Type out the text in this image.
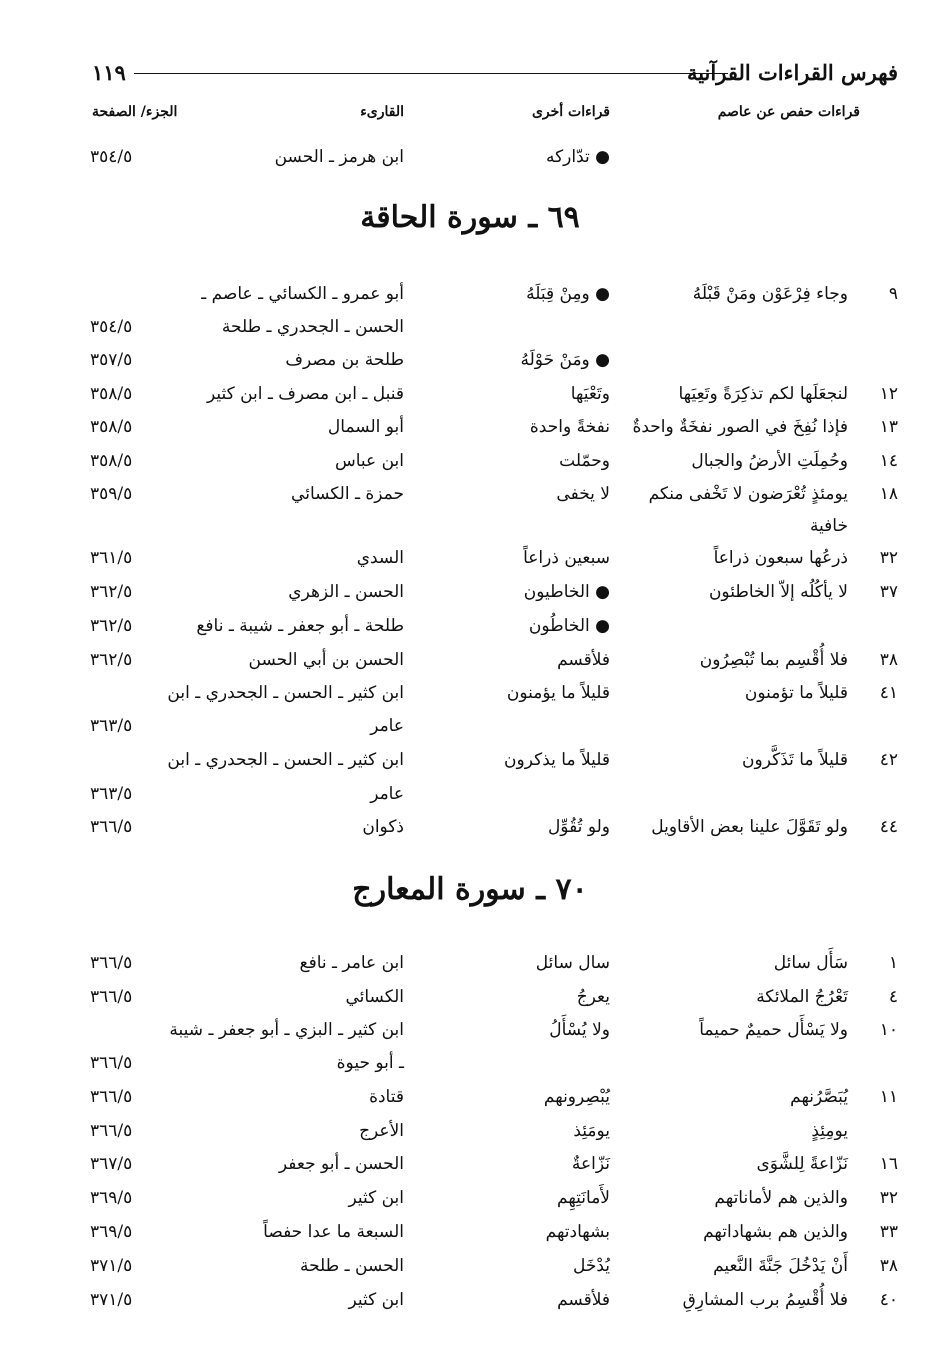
١١٩	فهرس القراءات القرآنية
قراءات حفص عن عاصم
قراءات أخرى
القارىء
الجزء/ الصفحة
● تدّاركه
ابن هرمز ـ الحسن
٣٥٤/٥
٦٩ ـ سورة الحاقة
٩
وجاء فِرْعَوْن ومَنْ قَبْلَهُ
● ومِنْ قِبَلَهُ
أبو عمرو ـ الكسائي ـ عاصم ـ
الحسن ـ الجحدري ـ طلحة
٣٥٤/٥
● ومَنْ حَوْلَهُ
طلحة بن مصرف
٣٥٧/٥
١٢
لنجعَلَها لكم تذكِرَةً وتَعِيَها
وتَعْيَها
قنبل ـ ابن مصرف ـ ابن كثير
٣٥٨/٥
١٣
فإذا نُفِخَ في الصور نفخَةٌ واحدةٌ
نفخةً واحدة
أبو السمال
٣٥٨/٥
١٤
وحُمِلَتِ الأرضُ والجبال
وحمّلت
ابن عباس
٣٥٨/٥
١٨
يومئذٍ تُعْرَضون لا تَخْفى منكم
لا يخفى
حمزة ـ الكسائي
٣٥٩/٥
خافية
٣٢
ذرعُها سبعون ذراعاً
سبعين ذراعاً
السدي
٣٦١/٥
٣٧
لا يأكُلُه إلاّ الخاطئون
● الخاطيون
الحسن ـ الزهري
٣٦٢/٥
● الخاطُون
طلحة ـ أبو جعفر ـ شيبة ـ نافع
٣٦٢/٥
٣٨
فلا أُقْسِم بما تُبْصِرُون
فلأقسم
الحسن بن أبي الحسن
٣٦٢/٥
٤١
قليلاً ما تؤمنون
قليلاً ما يؤمنون
ابن كثير ـ الحسن ـ الجحدري ـ ابن
عامر
٣٦٣/٥
٤٢
قليلاً ما تَذَكَّرون
قليلاً ما يذكرون
ابن كثير ـ الحسن ـ الجحدري ـ ابن
عامر
٣٦٣/٥
٤٤
ولو تَقَوَّلَ علينا بعض الأقاويل
ولو تُقُوِّل
ذكوان
٣٦٦/٥
٧٠ ـ سورة المعارج
١
سَأَل سائل
سال سائل
ابن عامر ـ نافع
٣٦٦/٥
٤
تَعْرُجُ الملائكة
يعرجُ
الكسائي
٣٦٦/٥
١٠
ولا يَسْأَل حميمٌ حميماً
ولا يُسْأَلُ
ابن كثير ـ البزي ـ أبو جعفر ـ شيبة
ـ أبو حيوة
٣٦٦/٥
١١
يُبَصَّرُنهم
يُبْصِرونهم
قتادة
٣٦٦/٥
يومِئِذٍ
يومَئِذ
الأعرج
٣٦٦/٥
١٦
نَزّاعةً لِلشَّوَى
نَزّاعةٌ
الحسن ـ أبو جعفر
٣٦٧/٥
٣٢
والذين هم لأماناتهم
لأَمانَتِهِم
ابن كثير
٣٦٩/٥
٣٣
والذين هم بشهاداتهم
بشهادتهم
السبعة ما عدا حفصاً
٣٦٩/٥
٣٨
أَنْ يَدْخُلَ جَنَّةَ النَّعيم
يُدْخَل
الحسن ـ طلحة
٣٧١/٥
٤٠
فلا أُقْسِمُ برب المشارِقِ
فلأقسم
ابن كثير
٣٧١/٥
